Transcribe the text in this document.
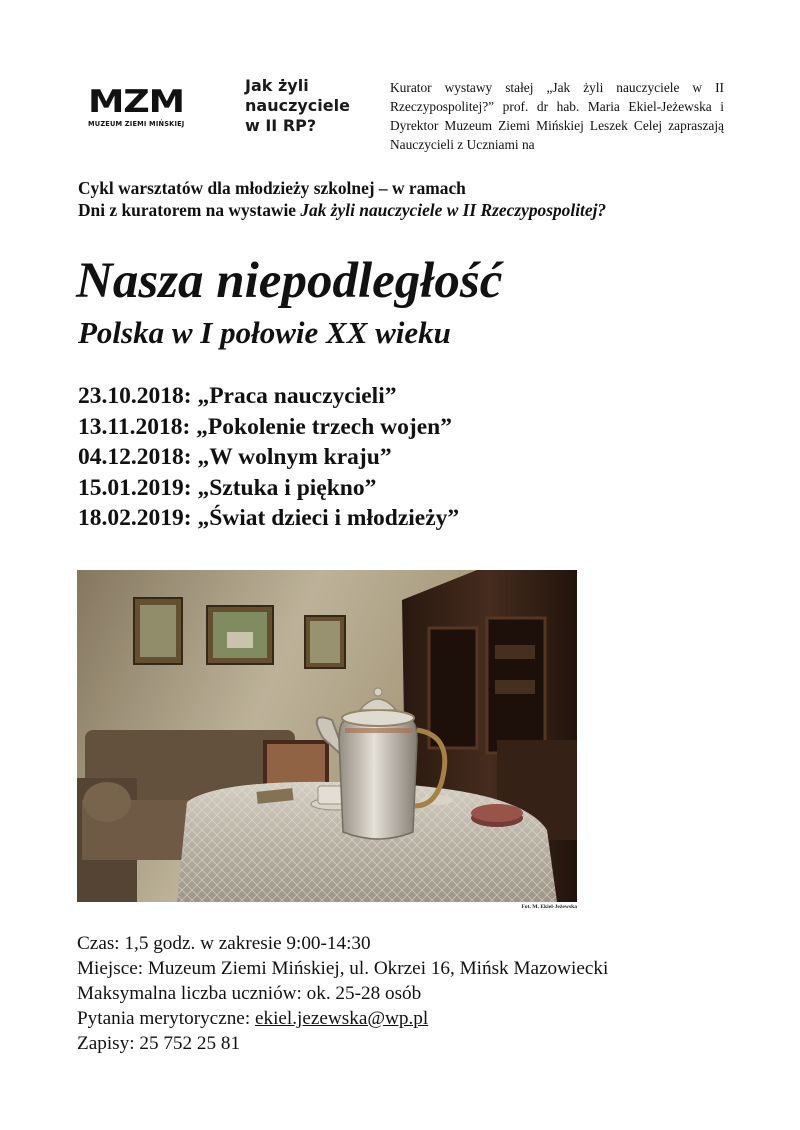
MZM
MUZEUM ZIEMI MIŃSKIEJ
Jak żyli
nauczyciele
w II RP?
Kurator wystawy stałej „Jak żyli nauczyciele w II Rzeczypospolitej?” prof. dr hab. Maria Ekiel-Jeżewska i Dyrektor Muzeum Ziemi Mińskiej Leszek Celej zapraszają Nauczycieli z Uczniami na
Cykl warsztatów dla młodzieży szkolnej – w ramach
Dni z kuratorem na wystawie Jak żyli nauczyciele w II Rzeczypospolitej?
Nasza niepodległość
Polska w I połowie XX wieku
23.10.2018: „Praca nauczycieli”
13.11.2018: „Pokolenie trzech wojen”
04.12.2018: „W wolnym kraju”
15.01.2019: „Sztuka i piękno”
18.02.2019: „Świat dzieci i młodzieży”
Fot. M. Ekiel-Jeżewska
Czas: 1,5 godz. w zakresie 9:00-14:30
Miejsce: Muzeum Ziemi Mińskiej, ul. Okrzei 16, Mińsk Mazowiecki
Maksymalna liczba uczniów: ok. 25-28 osób
Pytania merytoryczne: ekiel.jezewska@wp.pl
Zapisy: 25 752 25 81
